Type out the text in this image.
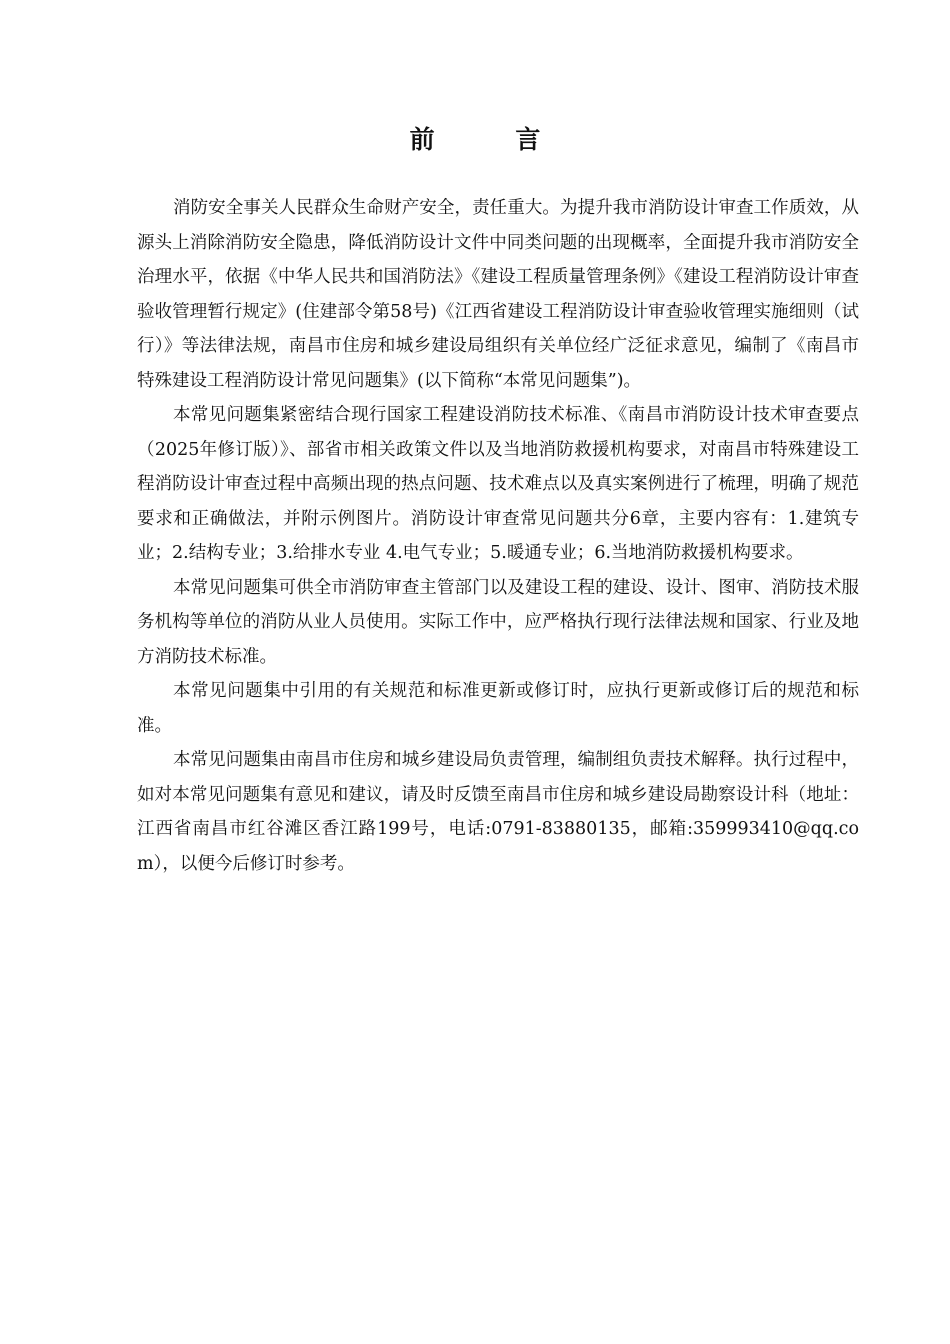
前 言

消防安全事关人民群众生命财产安全，责任重大。为提升我市消防设计审查工作质效，从源头上消除消防安全隐患，降低消防设计文件中同类问题的出现概率，全面提升我市消防安全治理水平，依据《中华人民共和国消防法》《建设工程质量管理条例》《建设工程消防设计审查验收管理暂行规定》(住建部令第58号)《江西省建设工程消防设计审查验收管理实施细则（试行）》等法律法规，南昌市住房和城乡建设局组织有关单位经广泛征求意见，编制了《南昌市特殊建设工程消防设计常见问题集》(以下简称“本常见问题集”)。

本常见问题集紧密结合现行国家工程建设消防技术标准、《南昌市消防设计技术审查要点（2025年修订版）》、部省市相关政策文件以及当地消防救援机构要求，对南昌市特殊建设工程消防设计审查过程中高频出现的热点问题、技术难点以及真实案例进行了梳理，明确了规范要求和正确做法，并附示例图片。消防设计审查常见问题共分6章，主要内容有：1.建筑专业；2.结构专业；3.给排水专业 4.电气专业；5.暖通专业；6.当地消防救援机构要求。

本常见问题集可供全市消防审查主管部门以及建设工程的建设、设计、图审、消防技术服务机构等单位的消防从业人员使用。实际工作中，应严格执行现行法律法规和国家、行业及地方消防技术标准。

本常见问题集中引用的有关规范和标准更新或修订时，应执行更新或修订后的规范和标准。

本常见问题集由南昌市住房和城乡建设局负责管理，编制组负责技术解释。执行过程中，如对本常见问题集有意见和建议，请及时反馈至南昌市住房和城乡建设局勘察设计科（地址：江西省南昌市红谷滩区香江路199号，电话:0791-83880135，邮箱:359993410@qq.com），以便今后修订时参考。
